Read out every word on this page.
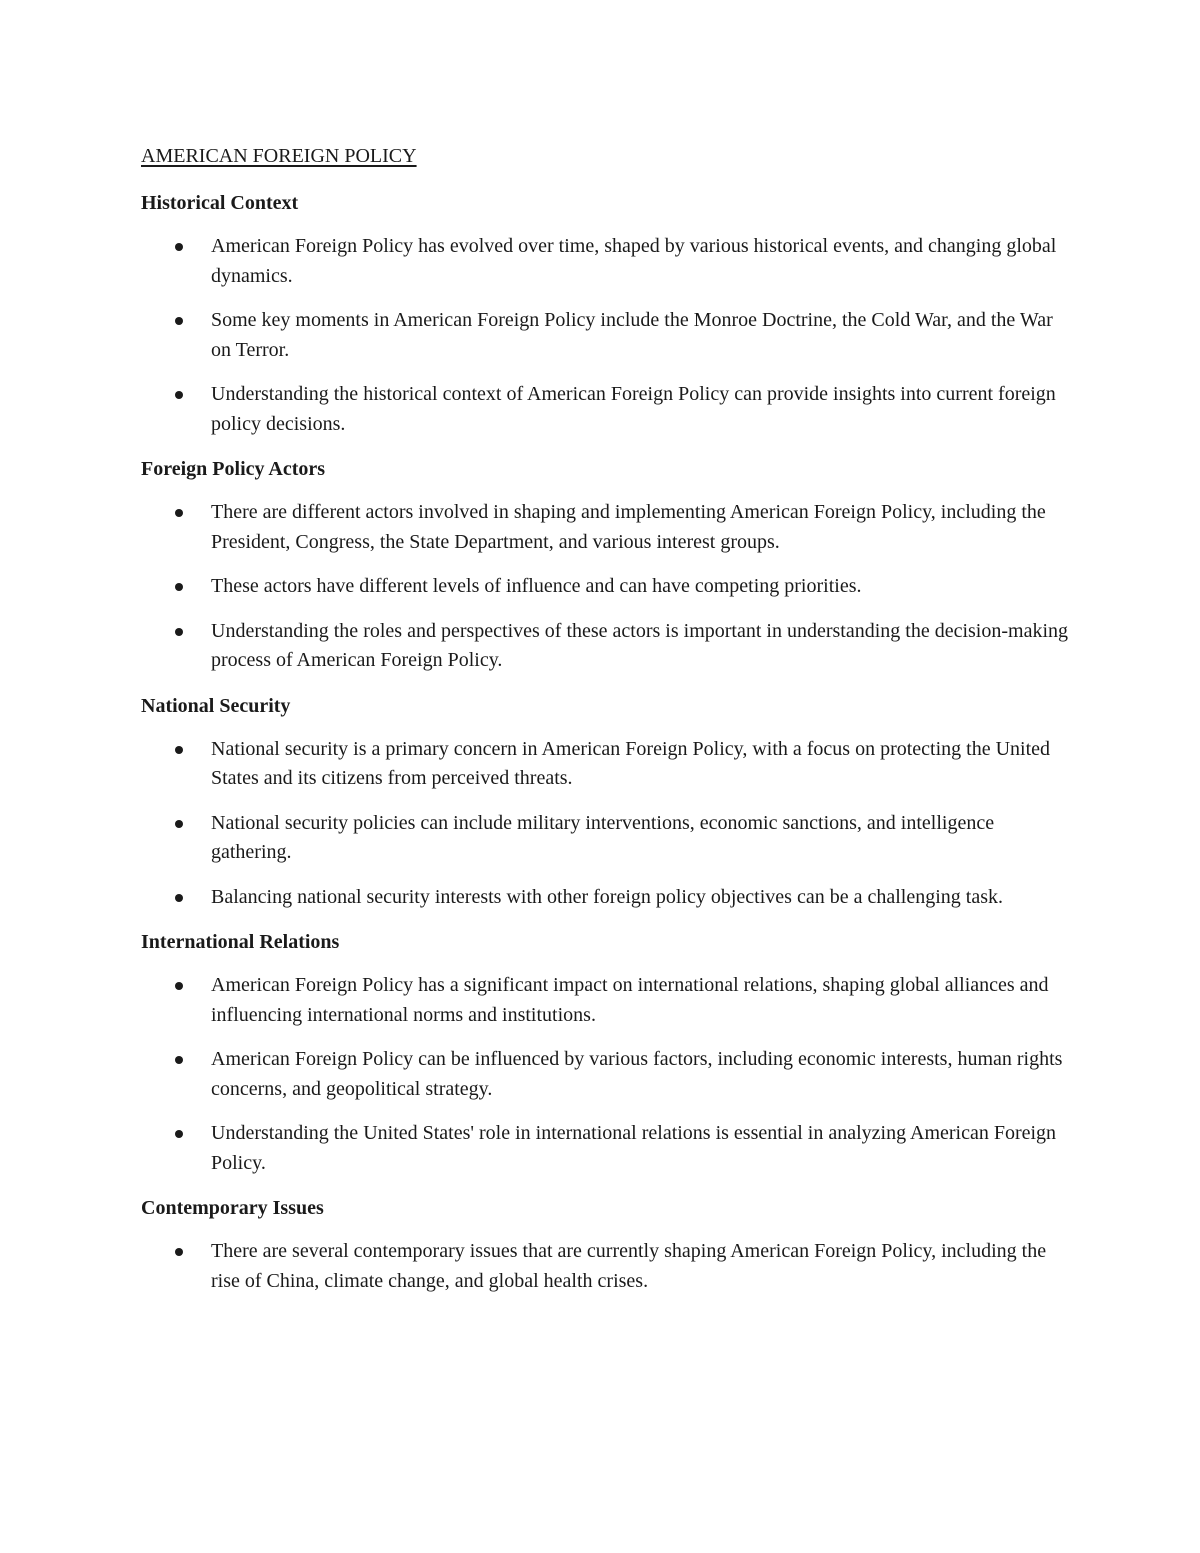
AMERICAN FOREIGN POLICY
Historical Context
American Foreign Policy has evolved over time, shaped by various historical events, and changing global dynamics.
Some key moments in American Foreign Policy include the Monroe Doctrine, the Cold War, and the War on Terror.
Understanding the historical context of American Foreign Policy can provide insights into current foreign policy decisions.
Foreign Policy Actors
There are different actors involved in shaping and implementing American Foreign Policy, including the President, Congress, the State Department, and various interest groups.
These actors have different levels of influence and can have competing priorities.
Understanding the roles and perspectives of these actors is important in understanding the decision-making process of American Foreign Policy.
National Security
National security is a primary concern in American Foreign Policy, with a focus on protecting the United States and its citizens from perceived threats.
National security policies can include military interventions, economic sanctions, and intelligence gathering.
Balancing national security interests with other foreign policy objectives can be a challenging task.
International Relations
American Foreign Policy has a significant impact on international relations, shaping global alliances and influencing international norms and institutions.
American Foreign Policy can be influenced by various factors, including economic interests, human rights concerns, and geopolitical strategy.
Understanding the United States' role in international relations is essential in analyzing American Foreign Policy.
Contemporary Issues
There are several contemporary issues that are currently shaping American Foreign Policy, including the rise of China, climate change, and global health crises.
